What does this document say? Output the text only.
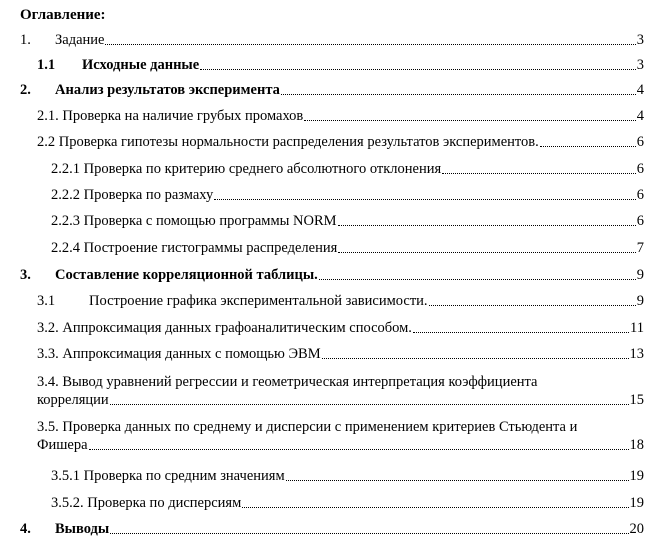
Оглавление:
1. Задание	3
1.1 Исходные данные	3
2. Анализ результатов эксперимента	4
2.1. Проверка на наличие грубых промахов	4
2.2 Проверка гипотезы нормальности распределения результатов экспериментов.	6
2.2.1 Проверка по критерию среднего абсолютного отклонения	6
2.2.2 Проверка по размаху	6
2.2.3 Проверка с помощью программы NORM	6
2.2.4 Построение гистограммы распределения	7
3. Составление корреляционной таблицы.	9
3.1 Построение графика экспериментальной зависимости.	9
3.2. Аппроксимация данных графоаналитическим способом.	11
3.3. Аппроксимация данных с помощью ЭВМ	13
3.4. Вывод уравнений регрессии и геометрическая интерпретация коэффициента
корреляции	15
3.5. Проверка данных по среднему и дисперсии с применением критериев Стьюдента и
Фишера	18
3.5.1 Проверка по средним значениям	19
3.5.2. Проверка по дисперсиям	19
4. Выводы	20
